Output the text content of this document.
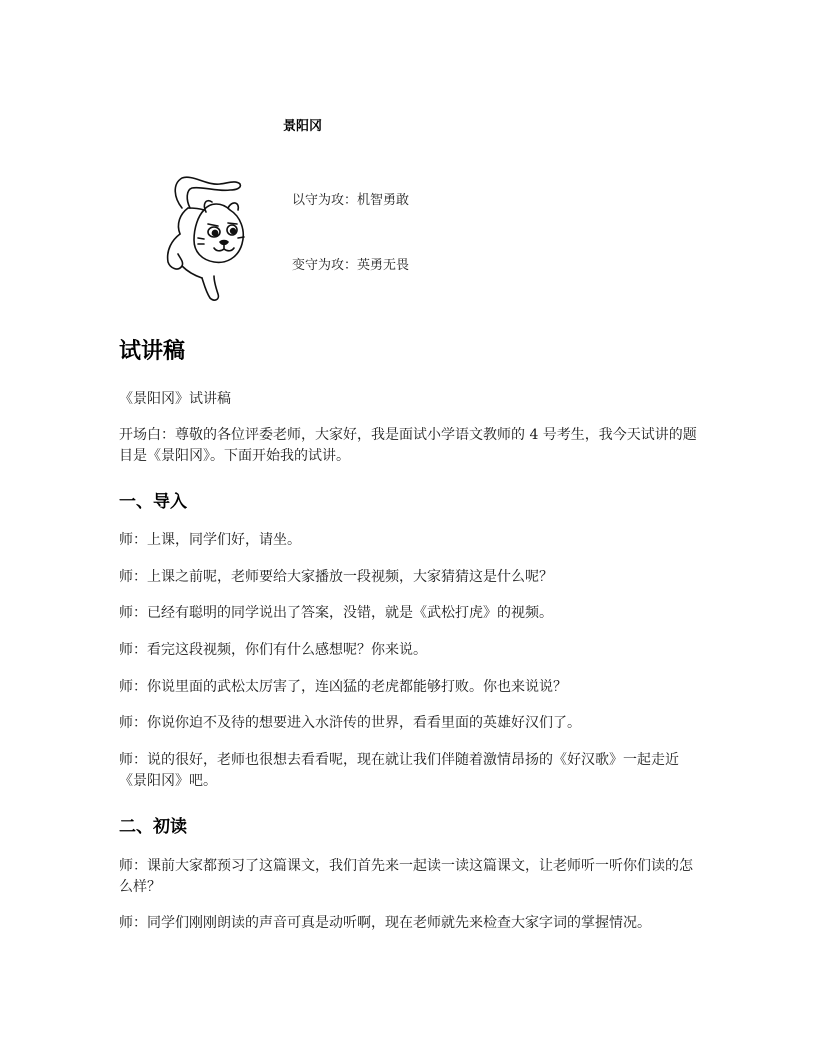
景阳冈
以守为攻：机智勇敢
变守为攻：英勇无畏
试讲稿

《景阳冈》试讲稿

开场白：尊敬的各位评委老师，大家好，我是面试小学语文教师的 4 号考生，我今天试讲的题目是《景阳冈》。下面开始我的试讲。

一、导入

师：上课，同学们好，请坐。

师：上课之前呢，老师要给大家播放一段视频，大家猜猜这是什么呢？

师：已经有聪明的同学说出了答案，没错，就是《武松打虎》的视频。

师：看完这段视频，你们有什么感想呢？你来说。

师：你说里面的武松太厉害了，连凶猛的老虎都能够打败。你也来说说？

师：你说你迫不及待的想要进入水浒传的世界，看看里面的英雄好汉们了。

师：说的很好，老师也很想去看看呢，现在就让我们伴随着激情昂扬的《好汉歌》一起走近《景阳冈》吧。

二、初读

师：课前大家都预习了这篇课文，我们首先来一起读一读这篇课文，让老师听一听你们读的怎么样？

师：同学们刚刚朗读的声音可真是动听啊，现在老师就先来检查大家字词的掌握情况。
